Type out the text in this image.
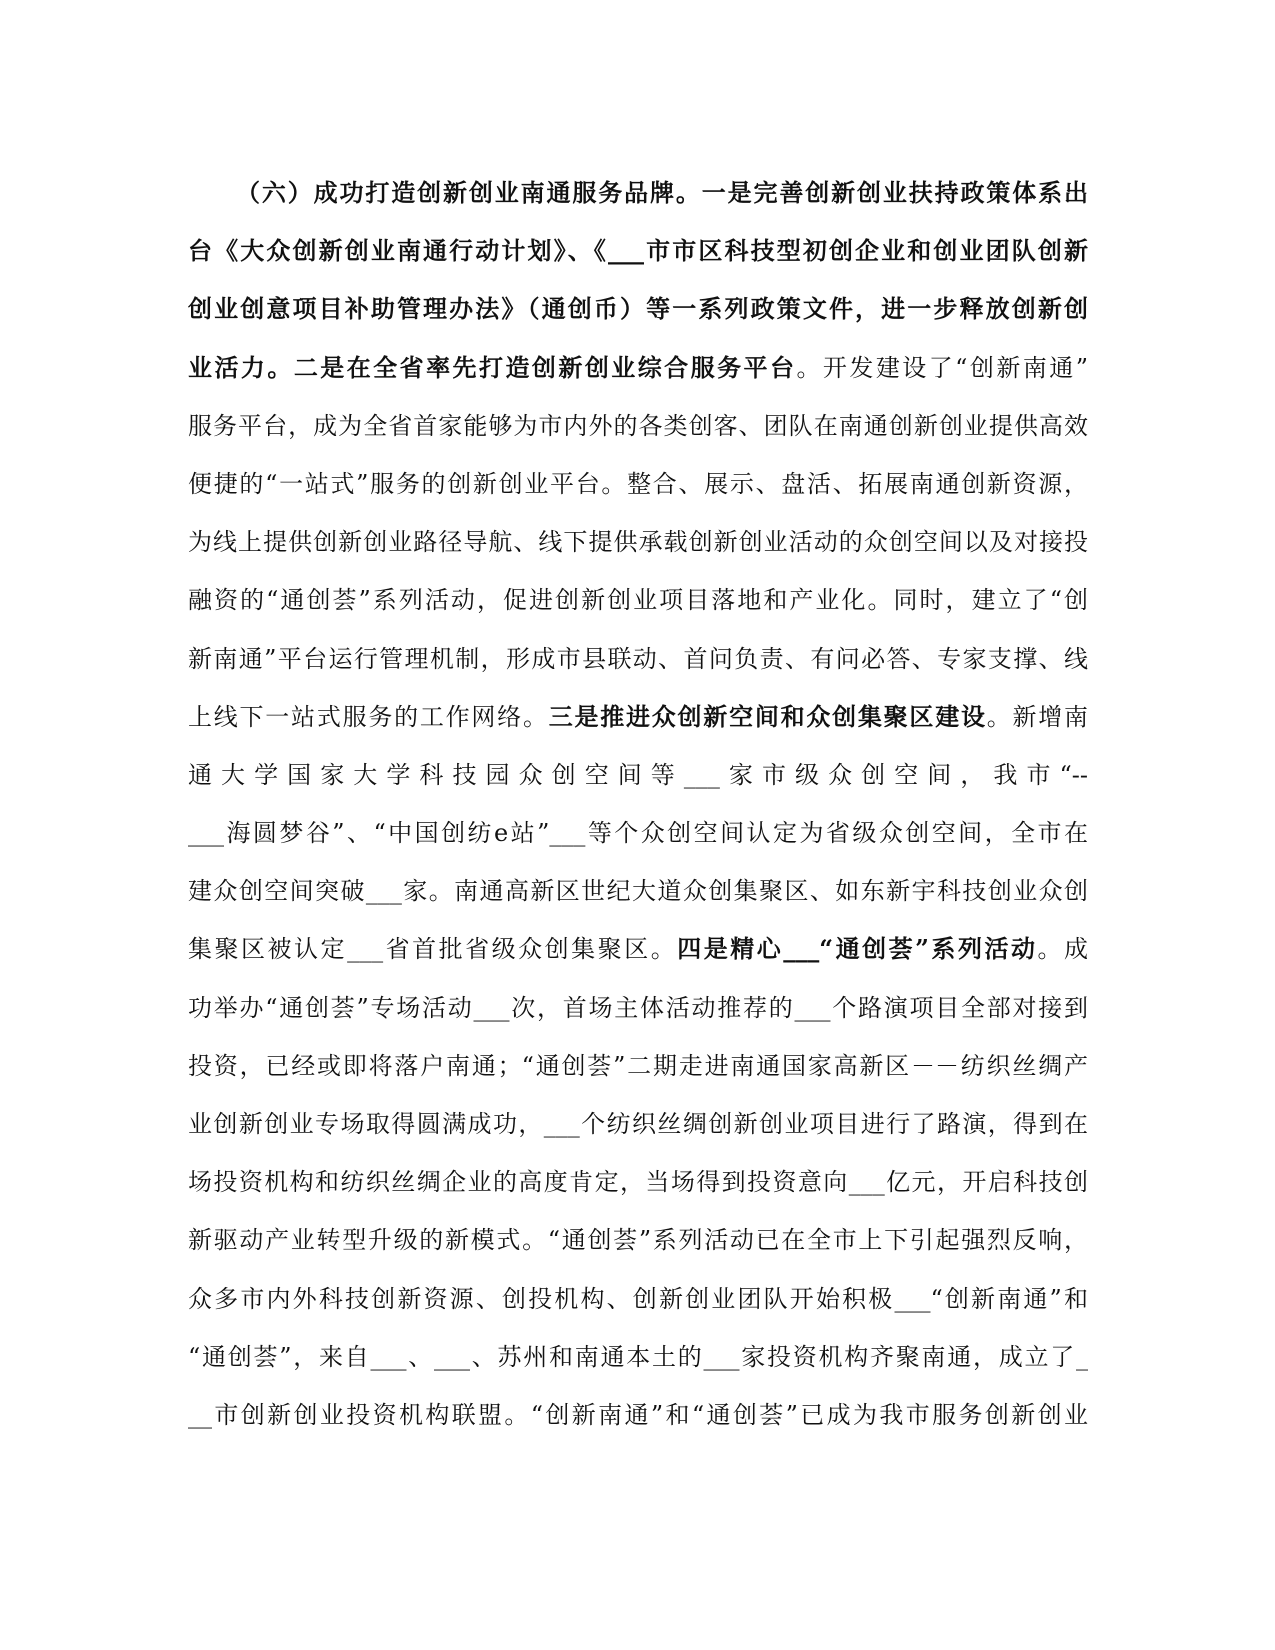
（六）成功打造创新创业南通服务品牌。一是完善创新创业扶持政策体系出
台《大众创新创业南通行动计划》、《___市市区科技型初创企业和创业团队创新
创业创意项目补助管理办法》（通创币）等一系列政策文件，进一步释放创新创
业活力。二是在全省率先打造创新创业综合服务平台。开发建设了“创新南通”
服务平台，成为全省首家能够为市内外的各类创客、团队在南通创新创业提供高效
便捷的“一站式”服务的创新创业平台。整合、展示、盘活、拓展南通创新资源，
为线上提供创新创业路径导航、线下提供承载创新创业活动的众创空间以及对接投
融资的“通创荟”系列活动，促进创新创业项目落地和产业化。同时，建立了“创
新南通”平台运行管理机制，形成市县联动、首问负责、有问必答、专家支撑、线
上线下一站式服务的工作网络。三是推进众创新空间和众创集聚区建设。新增南
通大学国家大学科技园众创空间等___家市级众创空间，我市“--
___海圆梦谷”、“中国创纺e站”___等个众创空间认定为省级众创空间，全市在
建众创空间突破___家。南通高新区世纪大道众创集聚区、如东新宇科技创业众创
集聚区被认定___省首批省级众创集聚区。四是精心___“通创荟”系列活动。成
功举办“通创荟”专场活动___次，首场主体活动推荐的___个路演项目全部对接到
投资，已经或即将落户南通；“通创荟”二期走进南通国家高新区－－纺织丝绸产
业创新创业专场取得圆满成功，___个纺织丝绸创新创业项目进行了路演，得到在
场投资机构和纺织丝绸企业的高度肯定，当场得到投资意向___亿元，开启科技创
新驱动产业转型升级的新模式。“通创荟”系列活动已在全市上下引起强烈反响，
众多市内外科技创新资源、创投机构、创新创业团队开始积极___“创新南通”和
“通创荟”，来自___、___、苏州和南通本土的___家投资机构齐聚南通，成立了_
__市创新创业投资机构联盟。“创新南通”和“通创荟”已成为我市服务创新创业
